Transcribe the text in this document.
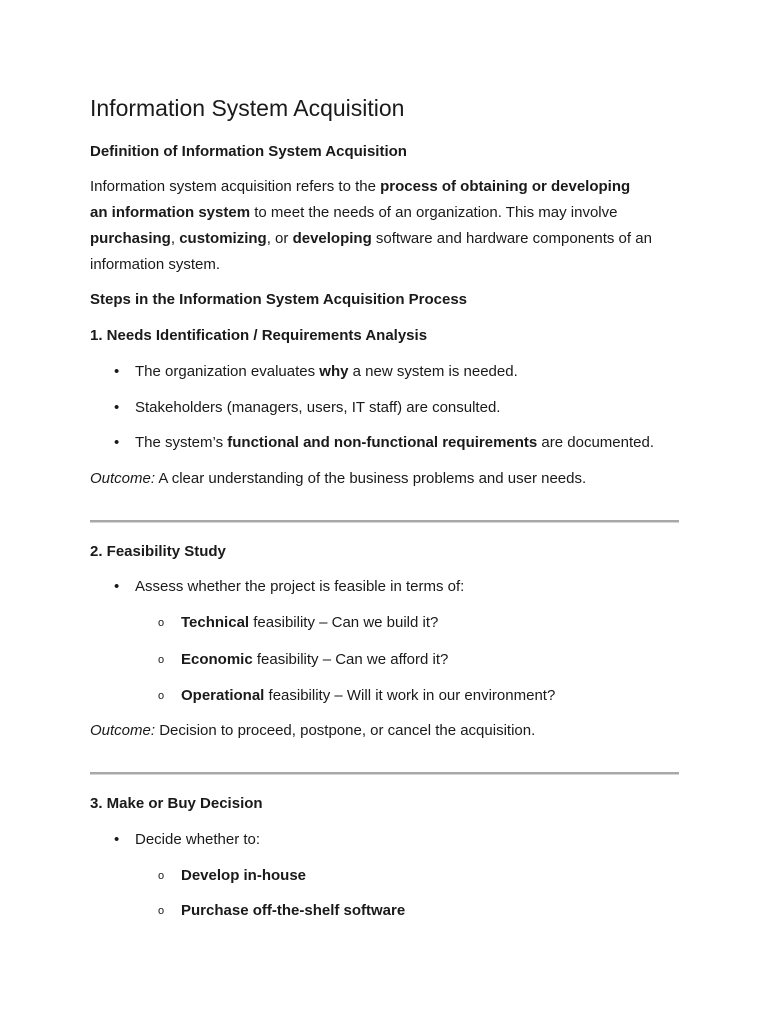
Information System Acquisition
Definition of Information System Acquisition
Information system acquisition refers to the process of obtaining or developing
an information system to meet the needs of an organization. This may involve
purchasing, customizing, or developing software and hardware components of an
information system.
Steps in the Information System Acquisition Process
1. Needs Identification / Requirements Analysis
• The organization evaluates why a new system is needed.
• Stakeholders (managers, users, IT staff) are consulted.
• The system’s functional and non-functional requirements are documented.
Outcome: A clear understanding of the business problems and user needs.
2. Feasibility Study
• Assess whether the project is feasible in terms of:
o Technical feasibility – Can we build it?
o Economic feasibility – Can we afford it?
o Operational feasibility – Will it work in our environment?
Outcome: Decision to proceed, postpone, or cancel the acquisition.
3. Make or Buy Decision
• Decide whether to:
o Develop in-house
o Purchase off-the-shelf software
